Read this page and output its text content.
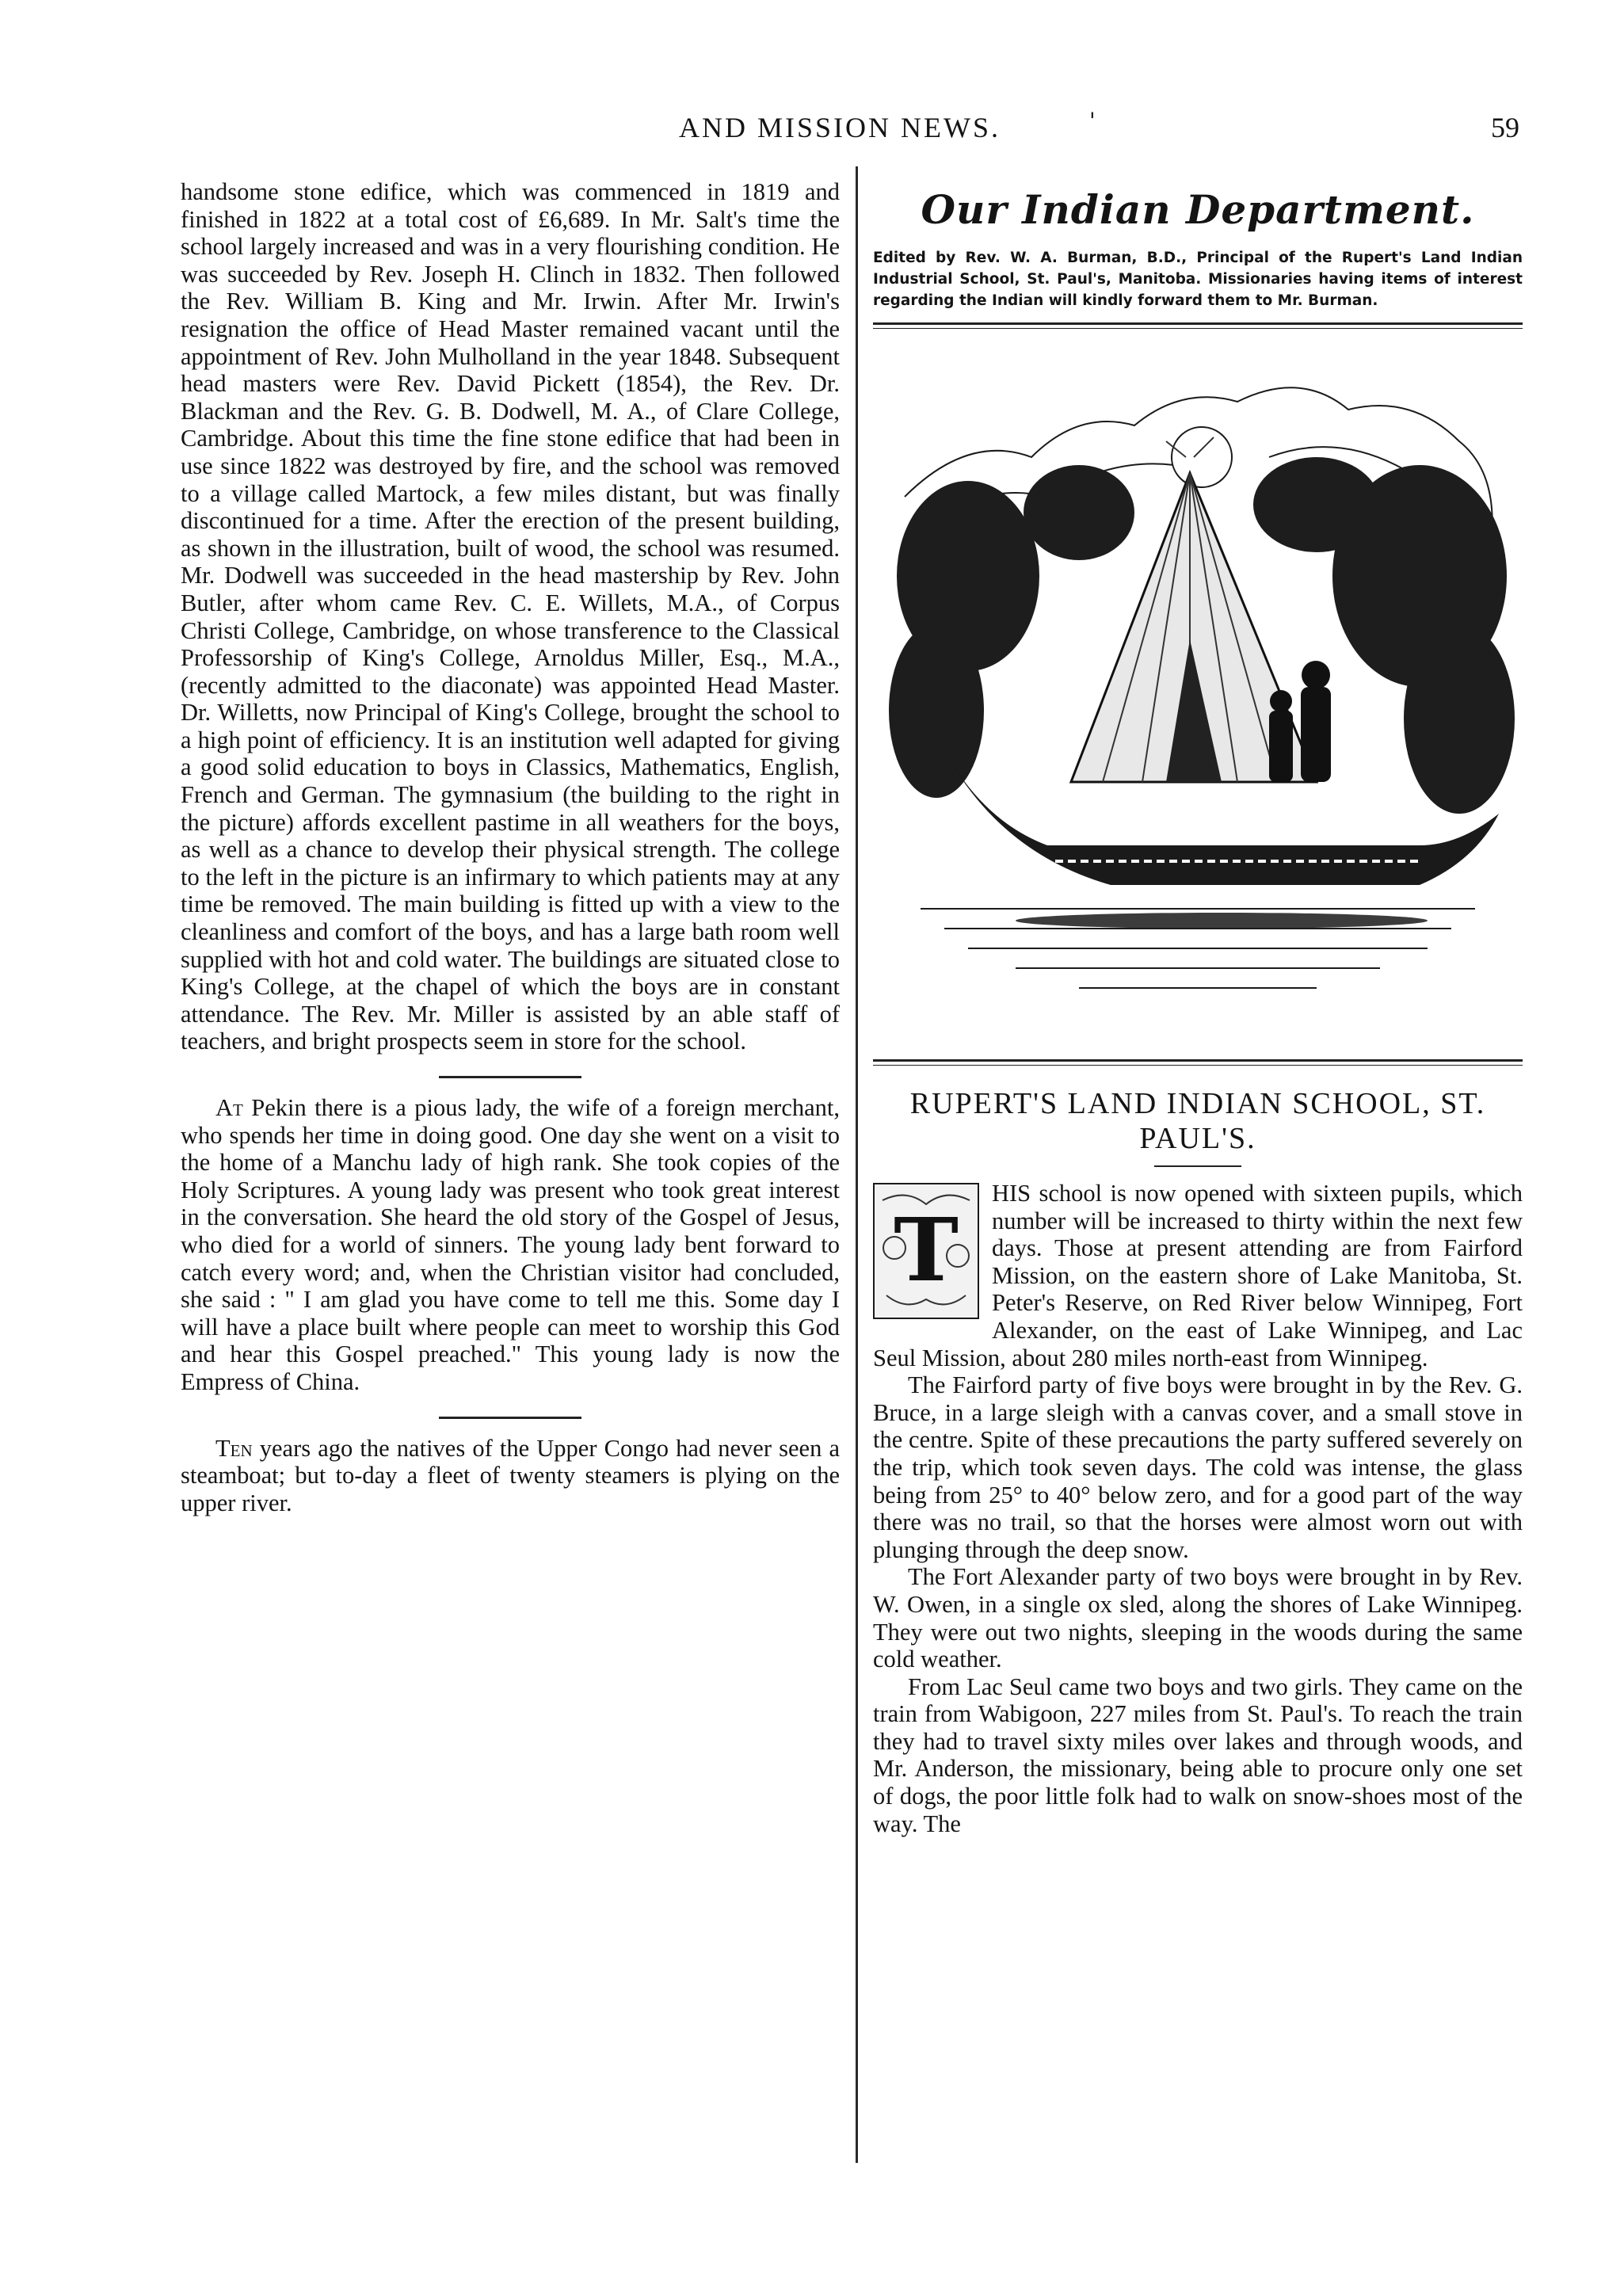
AND MISSION NEWS.	'	59

handsome stone edifice, which was commenced in 1819 and finished in 1822 at a total cost of £6,689. In Mr. Salt's time the school largely increased and was in a very flourishing condition. He was succeeded by Rev. Joseph H. Clinch in 1832. Then followed the Rev. William B. King and Mr. Irwin. After Mr. Irwin's resignation the office of Head Master remained vacant until the appointment of Rev. John Mulholland in the year 1848. Subsequent head masters were Rev. David Pickett (1854), the Rev. Dr. Blackman and the Rev. G. B. Dodwell, M. A., of Clare College, Cambridge. About this time the fine stone edifice that had been in use since 1822 was destroyed by fire, and the school was removed to a village called Martock, a few miles distant, but was finally discontinued for a time. After the erection of the present building, as shown in the illustration, built of wood, the school was resumed. Mr. Dodwell was succeeded in the head mastership by Rev. John Butler, after whom came Rev. C. E. Willets, M.A., of Corpus Christi College, Cambridge, on whose transference to the Classical Professorship of King's College, Arnoldus Miller, Esq., M.A., (recently admitted to the diaconate) was appointed Head Master. Dr. Willetts, now Principal of King's College, brought the school to a high point of efficiency. It is an institution well adapted for giving a good solid education to boys in Classics, Mathematics, English, French and German. The gymnasium (the building to the right in the picture) affords excellent pastime in all weathers for the boys, as well as a chance to develop their physical strength. The college to the left in the picture is an infirmary to which patients may at any time be removed. The main building is fitted up with a view to the cleanliness and comfort of the boys, and has a large bath room well supplied with hot and cold water. The buildings are situated close to King's College, at the chapel of which the boys are in constant attendance. The Rev. Mr. Miller is assisted by an able staff of teachers, and bright prospects seem in store for the school.

At Pekin there is a pious lady, the wife of a foreign merchant, who spends her time in doing good. One day she went on a visit to the home of a Manchu lady of high rank. She took copies of the Holy Scriptures. A young lady was present who took great interest in the conversation. She heard the old story of the Gospel of Jesus, who died for a world of sinners. The young lady bent forward to catch every word; and, when the Christian visitor had concluded, she said : " I am glad you have come to tell me this. Some day I will have a place built where people can meet to worship this God and hear this Gospel preached." This young lady is now the Empress of China.

Ten years ago the natives of the Upper Congo had never seen a steamboat; but to-day a fleet of twenty steamers is plying on the upper river.

Our Indian Department.

Edited by Rev. W. A. Burman, B.D., Principal of the Rupert's Land Indian Industrial School, St. Paul's, Manitoba. Missionaries having items of interest regarding the Indian will kindly forward them to Mr. Burman.

RUPERT'S LAND INDIAN SCHOOL, ST. PAUL'S.

T

HIS school is now opened with sixteen pupils, which number will be increased to thirty within the next few days. Those at present attending are from Fairford Mission, on the eastern shore of Lake Manitoba, St. Peter's Reserve, on Red River below Winnipeg, Fort Alexander, on the east of Lake Winnipeg, and Lac Seul Mission, about 280 miles north-east from Winnipeg.

The Fairford party of five boys were brought in by the Rev. G. Bruce, in a large sleigh with a canvas cover, and a small stove in the centre. Spite of these precautions the party suffered severely on the trip, which took seven days. The cold was intense, the glass being from 25° to 40° below zero, and for a good part of the way there was no trail, so that the horses were almost worn out with plunging through the deep snow.

The Fort Alexander party of two boys were brought in by Rev. W. Owen, in a single ox sled, along the shores of Lake Winnipeg. They were out two nights, sleeping in the woods during the same cold weather.

From Lac Seul came two boys and two girls. They came on the train from Wabigoon, 227 miles from St. Paul's. To reach the train they had to travel sixty miles over lakes and through woods, and Mr. Anderson, the missionary, being able to procure only one set of dogs, the poor little folk had to walk on snow-shoes most of the way. The
